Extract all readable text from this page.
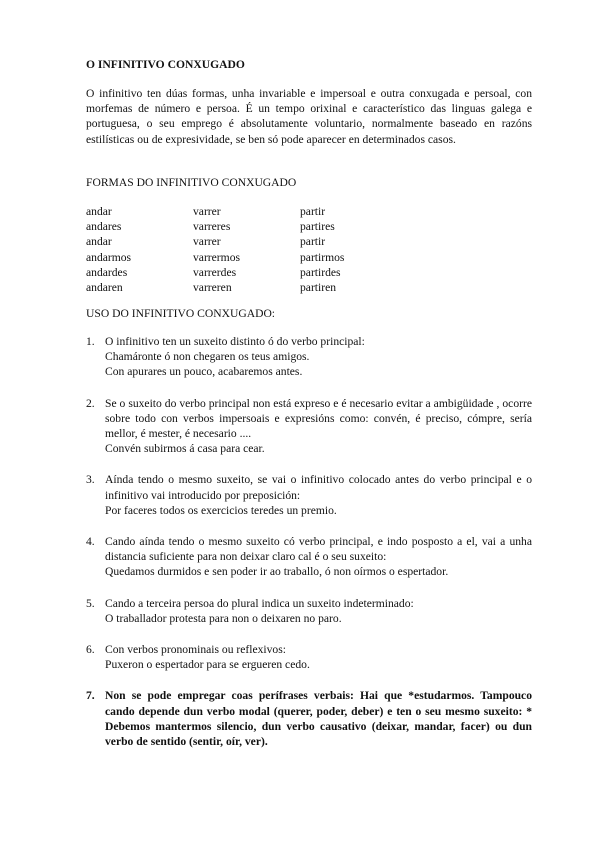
O INFINITIVO CONXUGADO

O infinitivo ten dúas formas, unha invariable e impersoal e outra conxugada e persoal, con morfemas de número e persoa. É un tempo orixinal e característico das linguas galega e portuguesa, o seu emprego é absolutamente voluntario, normalmente baseado en razóns estilísticas ou de expresividade, se ben só pode aparecer en determinados casos.

FORMAS DO INFINITIVO CONXUGADO
andar	varrer	partir
andares	varreres	partires
andar	varrer	partir
andarmos	varrermos	partirmos
andardes	varrerdes	partirdes
andaren	varreren	partiren
USO DO INFINITIVO CONXUGADO:
1. O infinitivo ten un suxeito distinto ó do verbo principal:
Chamáronte ó non chegaren os teus amigos.
Con apurares un pouco, acabaremos antes.
2. Se o suxeito do verbo principal non está expreso e é necesario evitar a ambigüidade , ocorre sobre todo con verbos impersoais e expresións como: convén, é preciso, cómpre, sería mellor, é mester, é necesario ....
Convén subirmos á casa para cear.
3. Aínda tendo o mesmo suxeito, se vai o infinitivo colocado antes do verbo principal e o infinitivo vai introducido por preposición:
Por faceres todos os exercicios teredes un premio.
4. Cando aínda tendo o mesmo suxeito có verbo principal, e indo posposto a el, vai a unha distancia suficiente para non deixar claro cal é o seu suxeito:
Quedamos durmidos e sen poder ir ao traballo, ó non oírmos o espertador.
5. Cando a terceira persoa do plural indica un suxeito indeterminado:
O traballador protesta para non o deixaren no paro.
6. Con verbos pronominais ou reflexivos:
Puxeron o espertador para se ergueren cedo.
7. Non se pode empregar coas perífrases verbais: Hai que *estudarmos. Tampouco cando depende dun verbo modal (querer, poder, deber) e ten o seu mesmo suxeito: * Debemos mantermos silencio, dun verbo causativo (deixar, mandar, facer) ou dun verbo de sentido (sentir, oír, ver).
